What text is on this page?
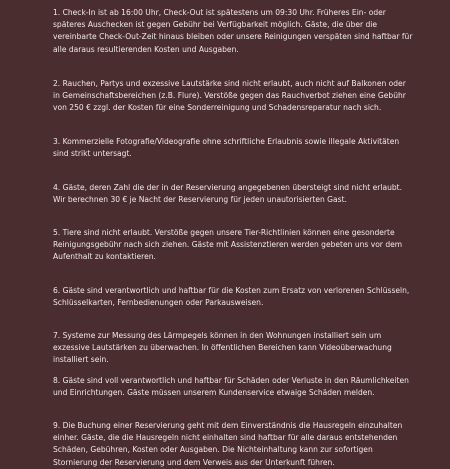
1. Check-In ist ab 16:00 Uhr, Check-Out ist spätestens um 09:30 Uhr. Früheres Ein- oder späteres Auschecken ist gegen Gebühr bei Verfügbarkeit möglich. Gäste, die über die vereinbarte Check-Out-Zeit hinaus bleiben oder unsere Reinigungen verspäten sind haftbar für alle daraus resultierenden Kosten und Ausgaben.

2. Rauchen, Partys und exzessive Lautstärke sind nicht erlaubt, auch nicht auf Balkonen oder in Gemeinschaftsbereichen (z.B. Flure). Verstöße gegen das Rauchverbot ziehen eine Gebühr von 250 € zzgl. der Kosten für eine Sonderreinigung und Schadensreparatur nach sich.

3. Kommerzielle Fotografie/Videografie ohne schriftliche Erlaubnis sowie illegale Aktivitäten sind strikt untersagt.

4. Gäste, deren Zahl die der in der Reservierung angegebenen übersteigt sind nicht erlaubt. Wir berechnen 30 € je Nacht der Reservierung für jeden unautorisierten Gast.

5. Tiere sind nicht erlaubt. Verstöße gegen unsere Tier-Richtlinien können eine gesonderte Reinigungsgebühr nach sich ziehen. Gäste mit Assistenztieren werden gebeten uns vor dem Aufenthalt zu kontaktieren.

6. Gäste sind verantwortlich und haftbar für die Kosten zum Ersatz von verlorenen Schlüsseln, Schlüsselkarten, Fernbedienungen oder Parkausweisen.

7. Systeme zur Messung des Lärmpegels können in den Wohnungen installiert sein um exzessive Lautstärken zu überwachen. In öffentlichen Bereichen kann Videoüberwachung installiert sein.

8. Gäste sind voll verantwortlich und haftbar für Schäden oder Verluste in den Räumlichkeiten und Einrichtungen. Gäste müssen unserem Kundenservice etwaige Schäden melden.

9. Die Buchung einer Reservierung geht mit dem Einverständnis die Hausregeln einzuhalten einher. Gäste, die die Hausregeln nicht einhalten sind haftbar für alle daraus entstehenden Schäden, Gebühren, Kosten oder Ausgaben. Die Nichteinhaltung kann zur sofortigen Stornierung der Reservierung und dem Verweis aus der Unterkunft führen.
